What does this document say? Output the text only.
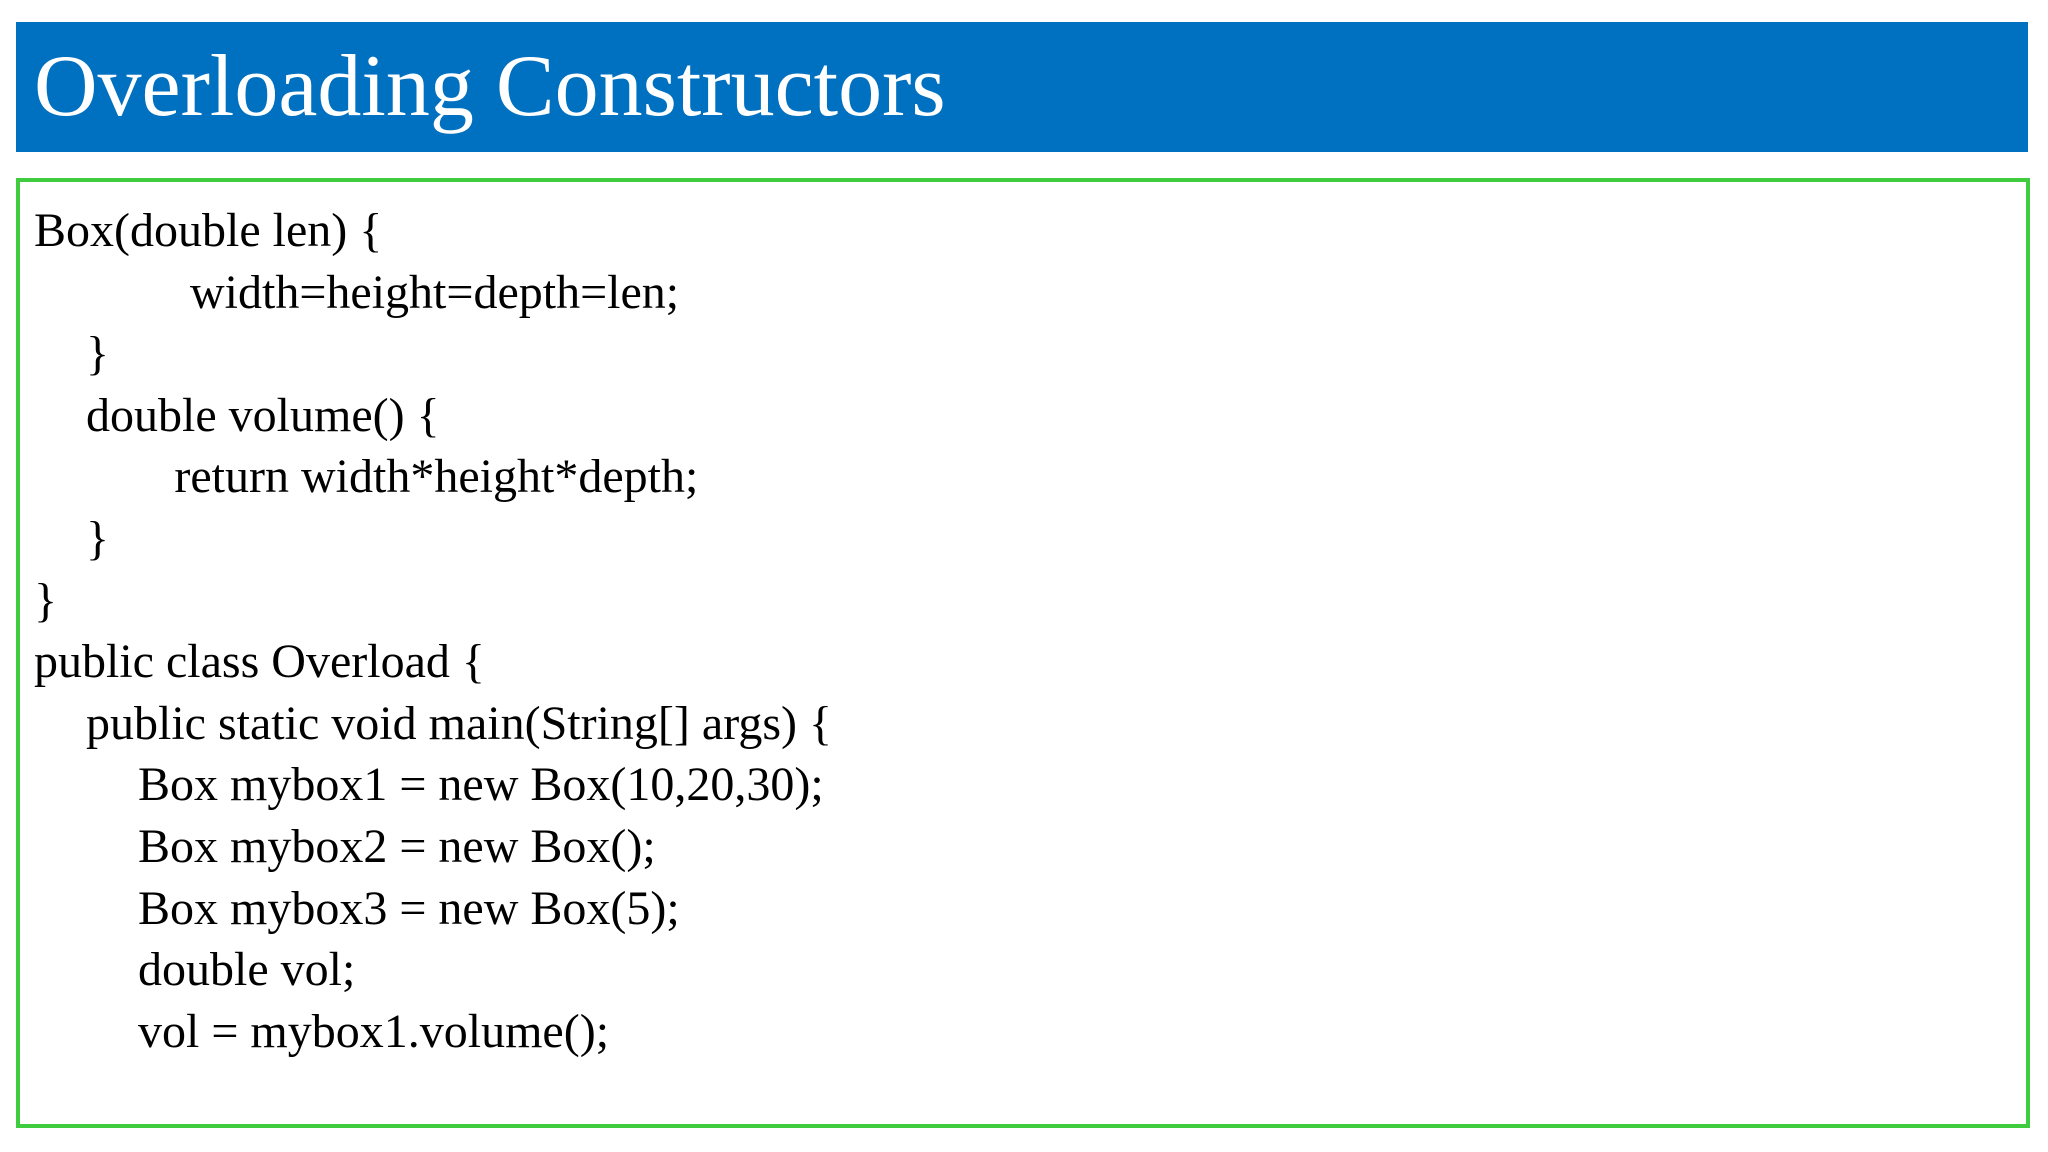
Overloading Constructors
Box(double len) {
width=height=depth=len;
}
double volume() {
return width*height*depth;
}
}
public class Overload {
public static void main(String[] args) {
Box mybox1 = new Box(10,20,30);
Box mybox2 = new Box();
Box mybox3 = new Box(5);
double vol;
vol = mybox1.volume();
